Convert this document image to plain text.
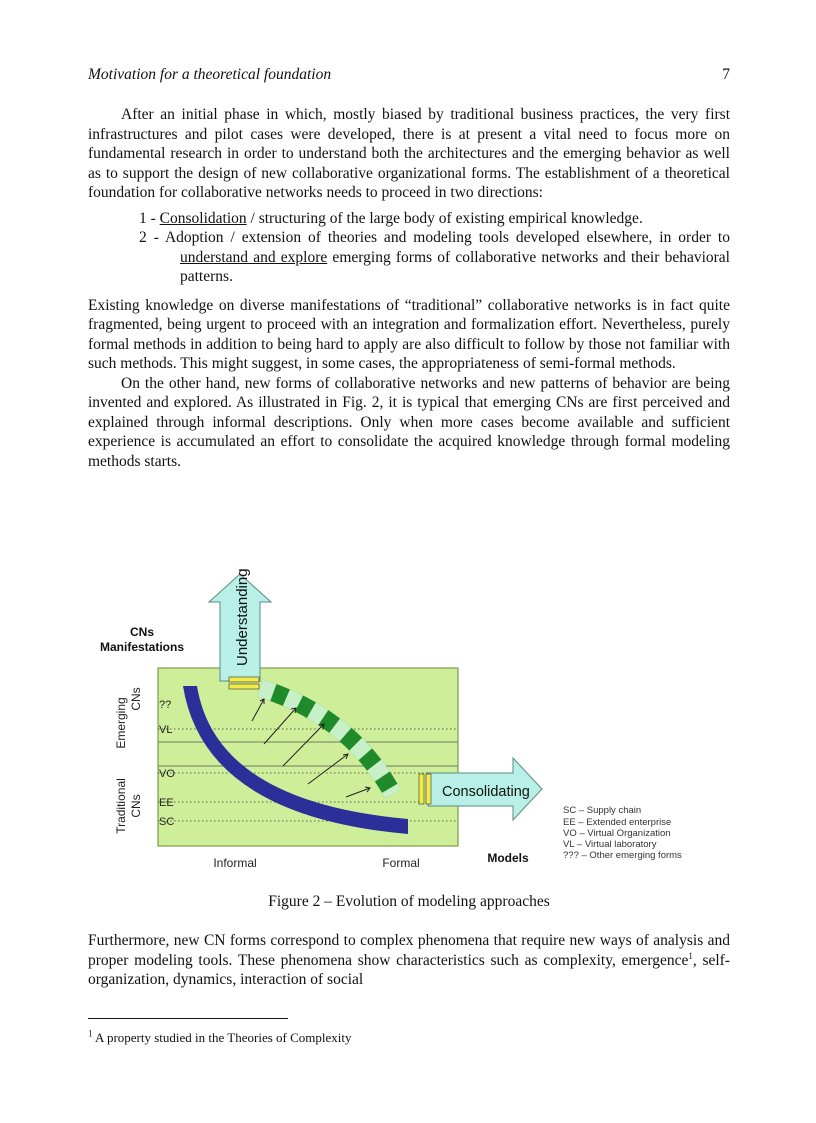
Motivation for a theoretical foundation	7

After an initial phase in which, mostly biased by traditional business practices, the very first infrastructures and pilot cases were developed, there is at present a vital need to focus more on fundamental research in order to understand both the architectures and the emerging behavior as well as to support the design of new collaborative organizational forms. The establishment of a theoretical foundation for collaborative networks needs to proceed in two directions:

1 - Consolidation / structuring of the large body of existing empirical knowledge.
2 - Adoption / extension of theories and modeling tools developed elsewhere, in order to understand and explore emerging forms of collaborative networks and their behavioral patterns.

Existing knowledge on diverse manifestations of “traditional” collaborative networks is in fact quite fragmented, being urgent to proceed with an integration and formalization effort. Nevertheless, purely formal methods in addition to being hard to apply are also difficult to follow by those not familiar with such methods. This might suggest, in some cases, the appropriateness of semi-formal methods.

On the other hand, new forms of collaborative networks and new patterns of behavior are being invented and explored. As illustrated in Fig. 2, it is typical that emerging CNs are first perceived and explained through informal descriptions. Only when more cases become available and sufficient experience is accumulated an effort to consolidate the acquired knowledge through formal modeling methods starts.

Understanding
Consolidating
CNs
Manifestations
Emerging CNs
Traditional CNs
??
VL
VO
EE
SC
Informal	Formal	Models
SC – Supply chain
EE – Extended enterprise
VO – Virtual Organization
VL – Virtual laboratory
??? – Other emerging forms
Figure 2 – Evolution of modeling approaches
Furthermore, new CN forms correspond to complex phenomena that require new ways of analysis and proper modeling tools. These phenomena show characteristics such as complexity, emergence$^1$, self-organization, dynamics, interaction of social
$^1$ A property studied in the Theories of Complexity
